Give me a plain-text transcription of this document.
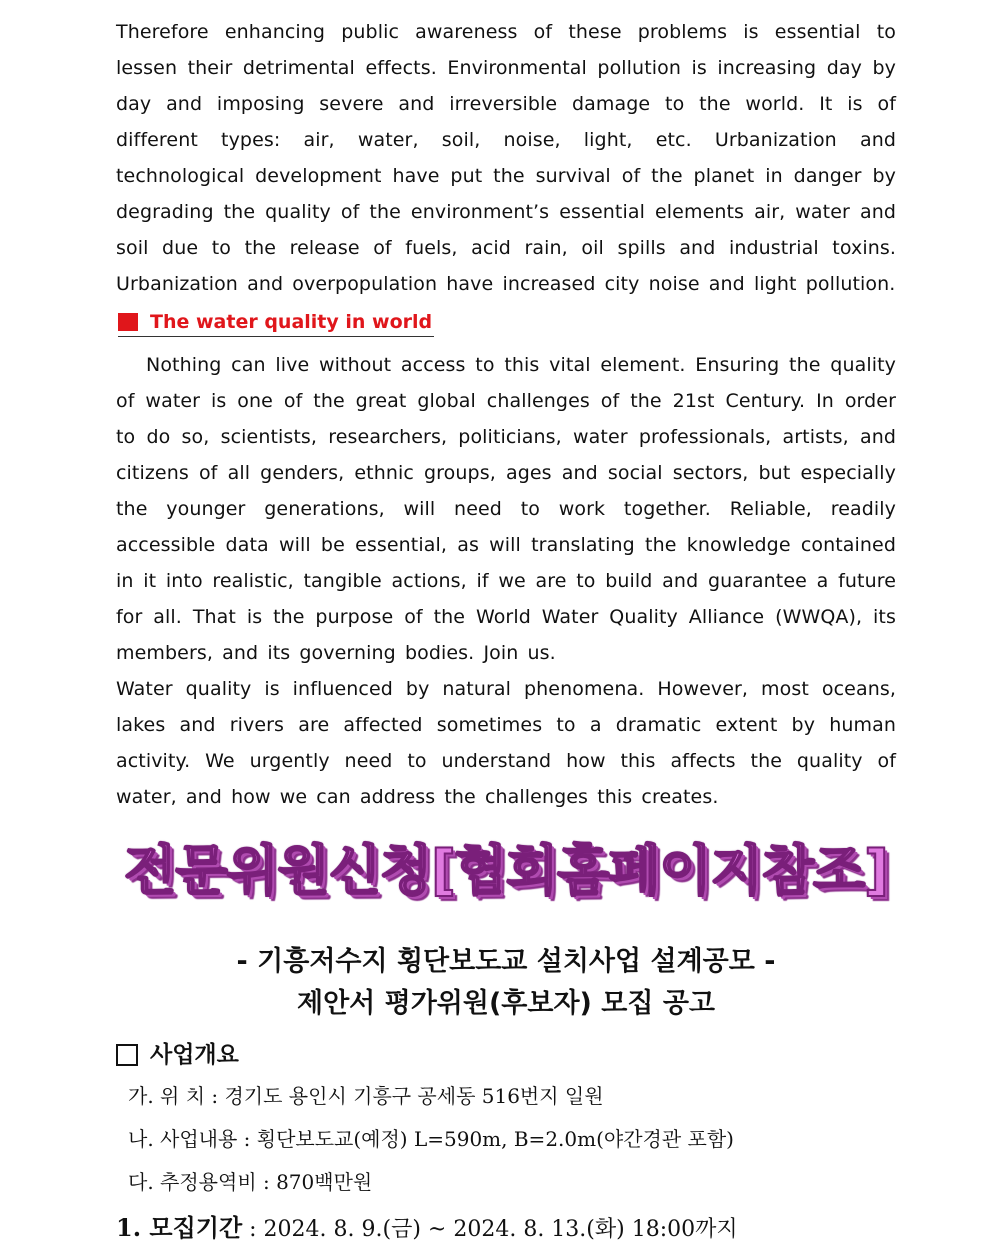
Therefore enhancing public awareness of these problems is essential to lessen their detrimental effects. Environmental pollution is increasing day by day and imposing severe and irreversible damage to the world. It is of different types: air, water, soil, noise, light, etc. Urbanization and technological development have put the survival of the planet in danger by degrading the quality of the environment’s essential elements air, water and soil due to the release of fuels, acid rain, oil spills and industrial toxins. Urbanization and overpopulation have increased city noise and light pollution.

The water quality in world

Nothing can live without access to this vital element. Ensuring the quality of water is one of the great global challenges of the 21st Century. In order to do so, scientists, researchers, politicians, water professionals, artists, and citizens of all genders, ethnic groups, ages and social sectors, but especially the younger generations, will need to work together. Reliable, readily accessible data will be essential, as will translating the knowledge contained in it into realistic, tangible actions, if we are to build and guarantee a future for all. That is the purpose of the World Water Quality Alliance (WWQA), its members, and its governing bodies. Join us.

Water quality is influenced by natural phenomena. However, most oceans, lakes and rivers are affected sometimes to a dramatic extent by human activity. We urgently need to understand how this affects the quality of water, and how we can address the challenges this creates.

전문위원신청[협회홈페이지참조]

- 기흥저수지 횡단보도교 설치사업 설계공모 -

제안서 평가위원(후보자) 모집 공고

사업개요
가. 위 치 : 경기도 용인시 기흥구 공세동 516번지 일원
나. 사업내용 : 횡단보도교(예정) L=590m, B=2.0m(야간경관 포함)
다. 추정용역비 : 870백만원
1. 모집기간 : 2024. 8. 9.(금) ~ 2024. 8. 13.(화) 18:00까지
